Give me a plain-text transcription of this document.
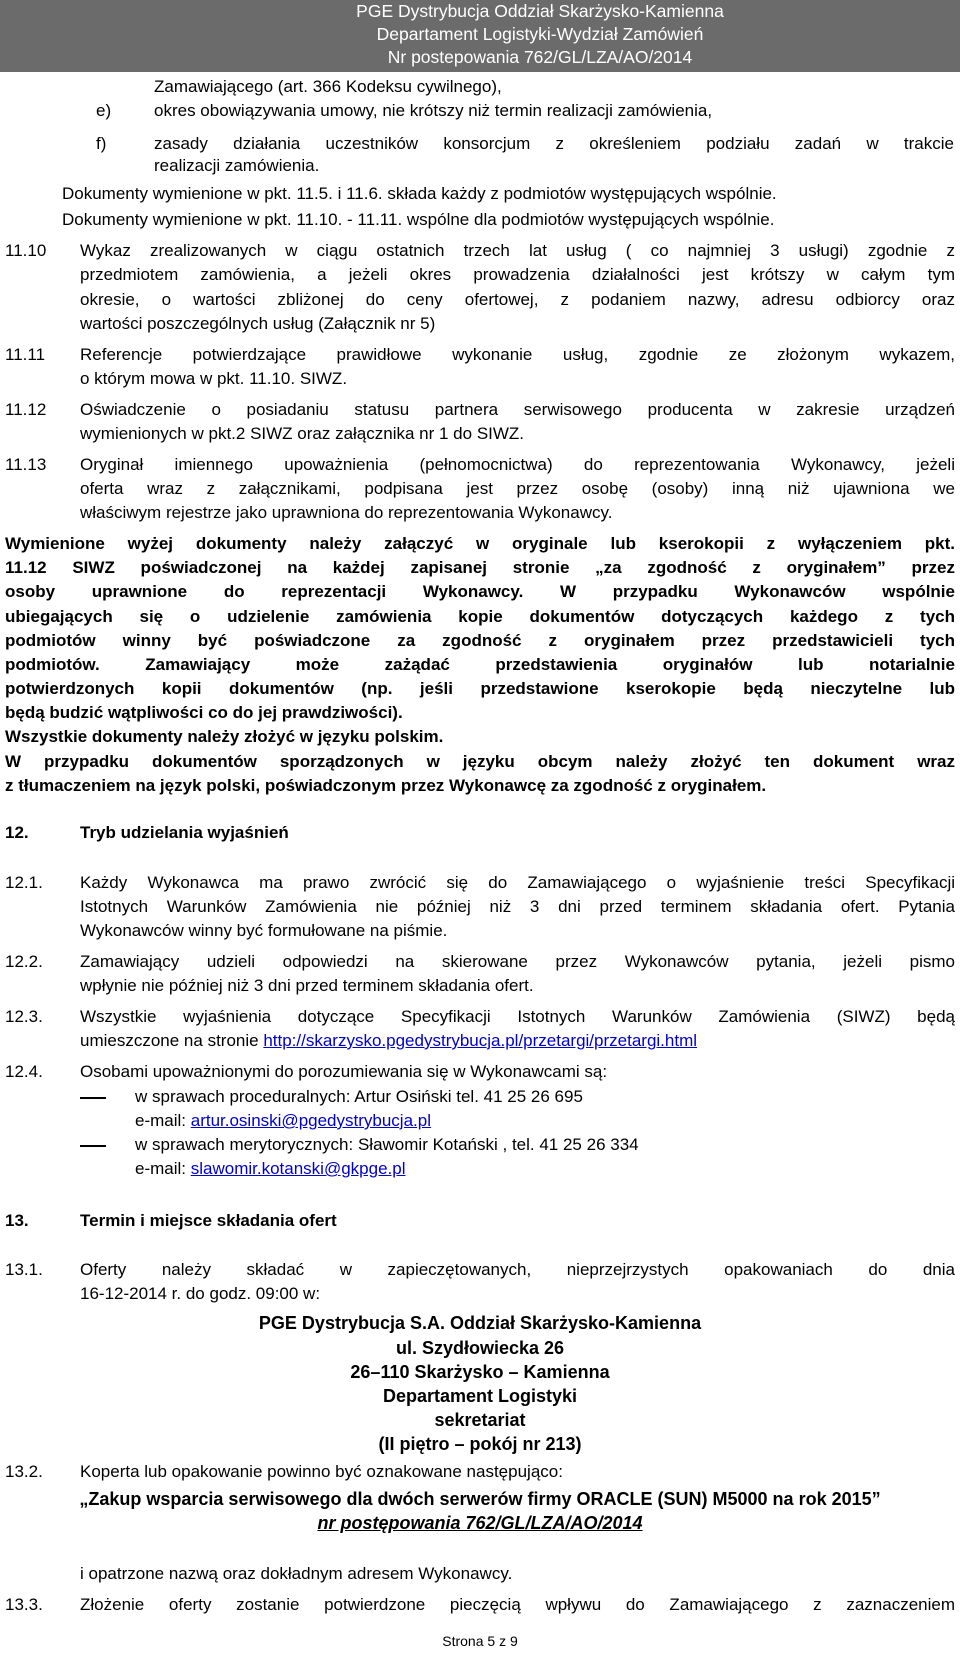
PGE Dystrybucja Oddział Skarżysko-Kamienna
Departament Logistyki-Wydział Zamówień
Nr postepowania 762/GL/LZA/AO/2014
Zamawiającego (art. 366 Kodeksu cywilnego),
e)	okres obowiązywania umowy, nie krótszy niż termin realizacji zamówienia,
f)	zasady działania uczestników konsorcjum z określeniem podziału zadań w trakcie
realizacji zamówienia.
Dokumenty wymienione w pkt. 11.5. i 11.6. składa każdy z podmiotów występujących wspólnie.
Dokumenty wymienione w pkt. 11.10. - 11.11. wspólne dla podmiotów występujących wspólnie.
11.10 Wykaz zrealizowanych w ciągu ostatnich trzech lat usług ( co najmniej 3 usługi) zgodnie z
przedmiotem zamówienia, a jeżeli okres prowadzenia działalności jest krótszy w całym tym
okresie, o wartości zbliżonej do ceny ofertowej, z podaniem nazwy, adresu odbiorcy oraz
wartości poszczególnych usług (Załącznik nr 5)
11.11 Referencje potwierdzające prawidłowe wykonanie usług, zgodnie ze złożonym wykazem,
o którym mowa w pkt. 11.10. SIWZ.
11.12 Oświadczenie o posiadaniu statusu partnera serwisowego producenta w zakresie urządzeń
wymienionych w pkt.2 SIWZ oraz załącznika nr 1 do SIWZ.
11.13 Oryginał imiennego upoważnienia (pełnomocnictwa) do reprezentowania Wykonawcy, jeżeli
oferta wraz z załącznikami, podpisana jest przez osobę (osoby) inną niż ujawniona we
właściwym rejestrze jako uprawniona do reprezentowania Wykonawcy.
Wymienione wyżej dokumenty należy załączyć w oryginale lub kserokopii z wyłączeniem pkt.
11.12 SIWZ poświadczonej na każdej zapisanej stronie „za zgodność z oryginałem” przez
osoby uprawnione do reprezentacji Wykonawcy. W przypadku Wykonawców wspólnie
ubiegających się o udzielenie zamówienia kopie dokumentów dotyczących każdego z tych
podmiotów winny być poświadczone za zgodność z oryginałem przez przedstawicieli tych
podmiotów. Zamawiający może zażądać przedstawienia oryginałów lub notarialnie
potwierdzonych kopii dokumentów (np. jeśli przedstawione kserokopie będą nieczytelne lub
będą budzić wątpliwości co do jej prawdziwości).
Wszystkie dokumenty należy złożyć w języku polskim.
W przypadku dokumentów sporządzonych w języku obcym należy złożyć ten dokument wraz
z tłumaczeniem na język polski, poświadczonym przez Wykonawcę za zgodność z oryginałem.
12.	Tryb udzielania wyjaśnień
12.1. Każdy Wykonawca ma prawo zwrócić się do Zamawiającego o wyjaśnienie treści Specyfikacji
Istotnych Warunków Zamówienia nie później niż 3 dni przed terminem składania ofert. Pytania
Wykonawców winny być formułowane na piśmie.
12.2. Zamawiający udzieli odpowiedzi na skierowane przez Wykonawców pytania, jeżeli pismo
wpłynie nie później niż 3 dni przed terminem składania ofert.
12.3. Wszystkie wyjaśnienia dotyczące Specyfikacji Istotnych Warunków Zamówienia (SIWZ) będą
umieszczone na stronie http://skarzysko.pgedystrybucja.pl/przetargi/przetargi.html
12.4. Osobami upoważnionymi do porozumiewania się w Wykonawcami są:
w sprawach proceduralnych: Artur Osiński tel. 41 25 26 695
e-mail: artur.osinski@pgedystrybucja.pl
w sprawach merytorycznych: Sławomir Kotański , tel. 41 25 26 334
e-mail: slawomir.kotanski@gkpge.pl
13.	Termin i miejsce składania ofert
13.1. Oferty należy składać w zapieczętowanych, nieprzejrzystych opakowaniach do dnia
16-12-2014 r. do godz. 09:00 w:
PGE Dystrybucja S.A. Oddział Skarżysko-Kamienna
ul. Szydłowiecka 26
26–110 Skarżysko – Kamienna
Departament Logistyki
sekretariat
(II piętro – pokój nr 213)
13.2. Koperta lub opakowanie powinno być oznakowane następująco:
„Zakup wsparcia serwisowego dla dwóch serwerów firmy ORACLE (SUN) M5000 na rok 2015”
nr postępowania 762/GL/LZA/AO/2014
i opatrzone nazwą oraz dokładnym adresem Wykonawcy.
13.3. Złożenie oferty zostanie potwierdzone pieczęcią wpływu do Zamawiającego z zaznaczeniem
Strona 5 z 9
